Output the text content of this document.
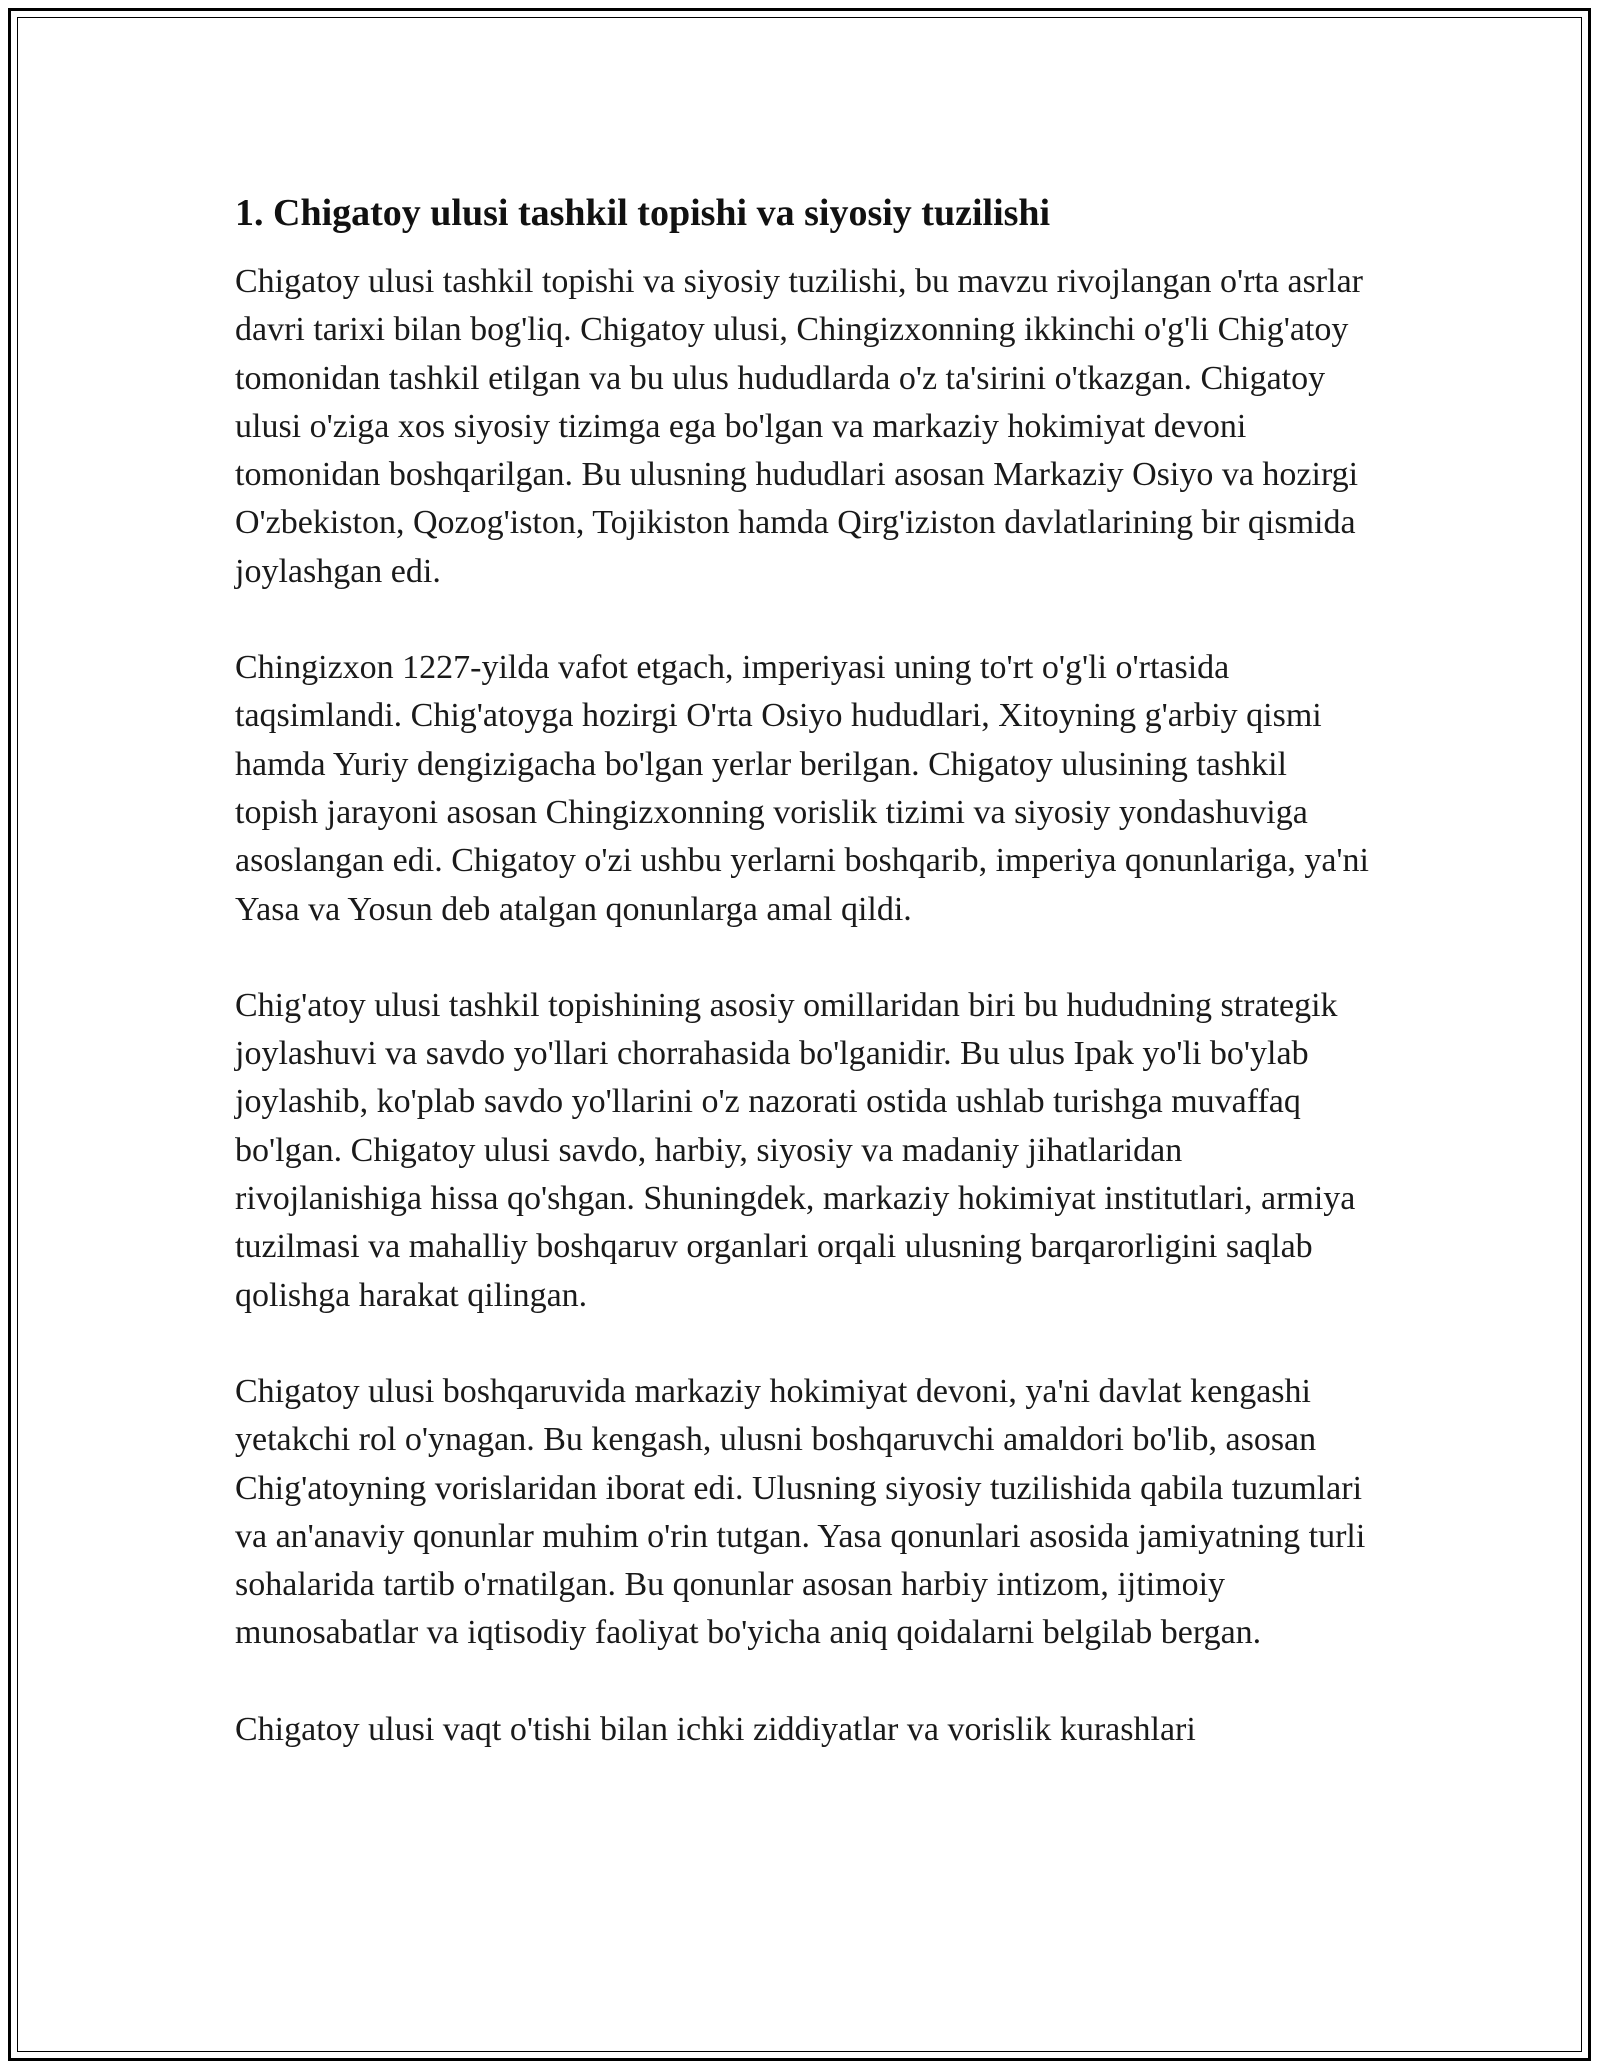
1. Chigatoy ulusi tashkil topishi va siyosiy tuzilishi

Chigatoy ulusi tashkil topishi va siyosiy tuzilishi, bu mavzu rivojlangan o'rta asrlar davri tarixi bilan bog'liq. Chigatoy ulusi, Chingizxonning ikkinchi o'g'li Chig'atoy tomonidan tashkil etilgan va bu ulus hududlarda o'z ta'sirini o'tkazgan. Chigatoy ulusi o'ziga xos siyosiy tizimga ega bo'lgan va markaziy hokimiyat devoni tomonidan boshqarilgan. Bu ulusning hududlari asosan Markaziy Osiyo va hozirgi O'zbekiston, Qozog'iston, Tojikiston hamda Qirg'iziston davlatlarining bir qismida joylashgan edi.

Chingizxon 1227-yilda vafot etgach, imperiyasi uning to'rt o'g'li o'rtasida taqsimlandi. Chig'atoyga hozirgi O'rta Osiyo hududlari, Xitoyning g'arbiy qismi hamda Yuriy dengizigacha bo'lgan yerlar berilgan. Chigatoy ulusining tashkil topish jarayoni asosan Chingizxonning vorislik tizimi va siyosiy yondashuviga asoslangan edi. Chigatoy o'zi ushbu yerlarni boshqarib, imperiya qonunlariga, ya'ni Yasa va Yosun deb atalgan qonunlarga amal qildi.

Chig'atoy ulusi tashkil topishining asosiy omillaridan biri bu hududning strategik joylashuvi va savdo yo'llari chorrahasida bo'lganidir. Bu ulus Ipak yo'li bo'ylab joylashib, ko'plab savdo yo'llarini o'z nazorati ostida ushlab turishga muvaffaq bo'lgan. Chigatoy ulusi savdo, harbiy, siyosiy va madaniy jihatlaridan rivojlanishiga hissa qo'shgan. Shuningdek, markaziy hokimiyat institutlari, armiya tuzilmasi va mahalliy boshqaruv organlari orqali ulusning barqarorligini saqlab qolishga harakat qilingan.

Chigatoy ulusi boshqaruvida markaziy hokimiyat devoni, ya'ni davlat kengashi yetakchi rol o'ynagan. Bu kengash, ulusni boshqaruvchi amaldori bo'lib, asosan Chig'atoyning vorislaridan iborat edi. Ulusning siyosiy tuzilishida qabila tuzumlari va an'anaviy qonunlar muhim o'rin tutgan. Yasa qonunlari asosida jamiyatning turli sohalarida tartib o'rnatilgan. Bu qonunlar asosan harbiy intizom, ijtimoiy munosabatlar va iqtisodiy faoliyat bo'yicha aniq qoidalarni belgilab bergan.

Chigatoy ulusi vaqt o'tishi bilan ichki ziddiyatlar va vorislik kurashlari
